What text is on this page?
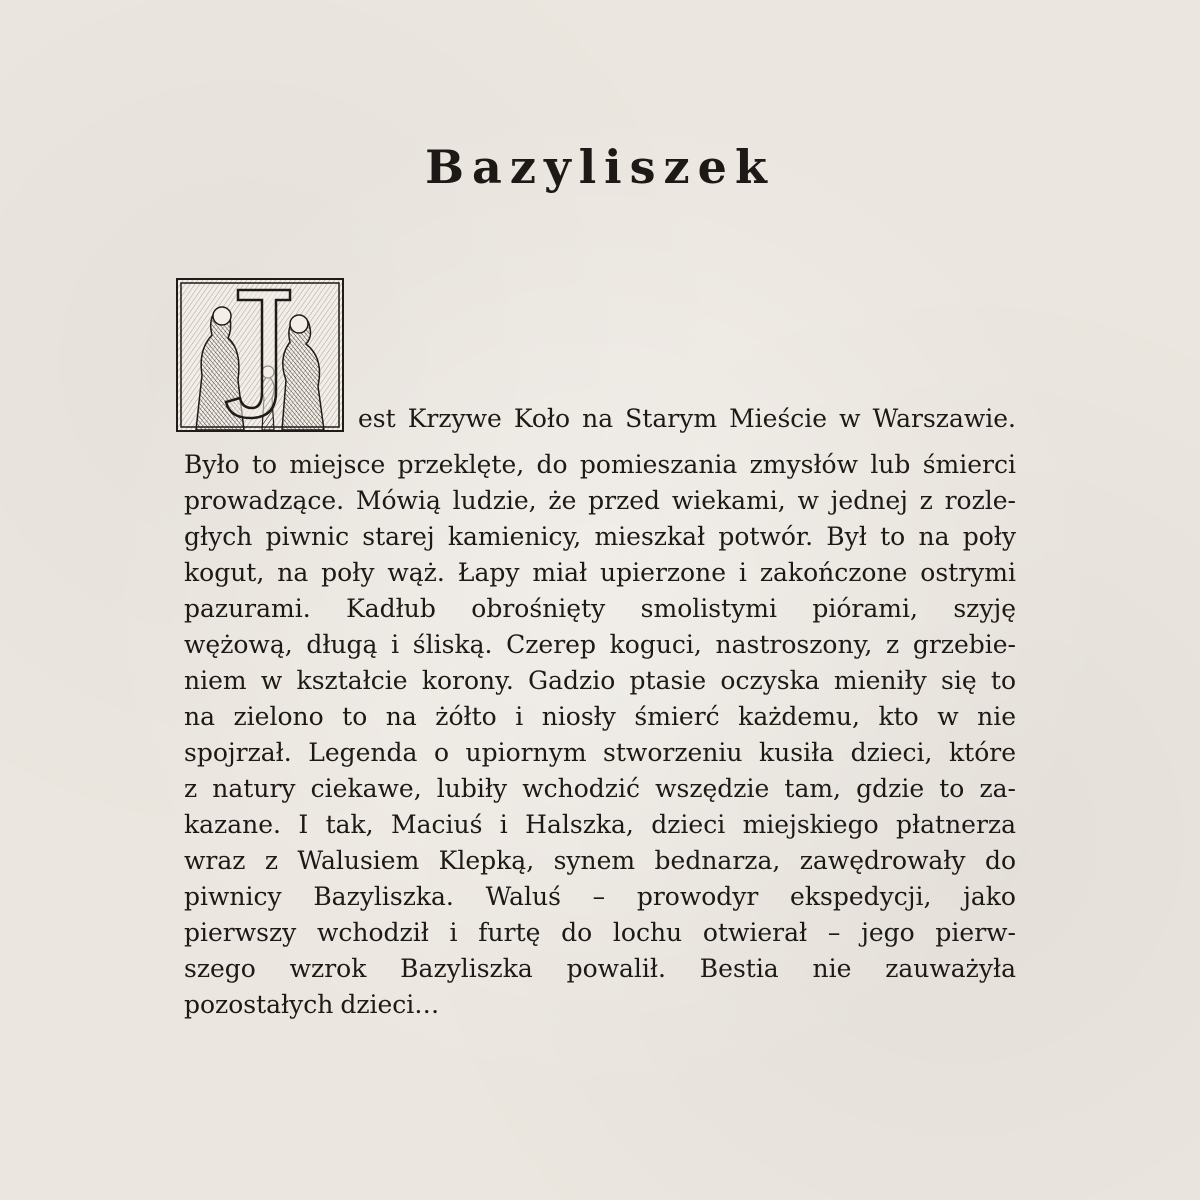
Bazyliszek
est Krzywe Koło na Starym Mieście w Warszawie.
Było to miejsce przeklęte, do pomieszania zmysłów lub śmierci
prowadzące. Mówią ludzie, że przed wiekami, w jednej z rozle-
głych piwnic starej kamienicy, mieszkał potwór. Był to na poły
kogut, na poły wąż. Łapy miał upierzone i zakończone ostrymi
pazurami. Kadłub obrośnięty smolistymi piórami, szyję
wężową, długą i śliską. Czerep koguci, nastroszony, z grzebie-
niem w kształcie korony. Gadzio ptasie oczyska mieniły się to
na zielono to na żółto i niosły śmierć każdemu, kto w nie
spojrzał. Legenda o upiornym stworzeniu kusiła dzieci, które
z natury ciekawe, lubiły wchodzić wszędzie tam, gdzie to za-
kazane. I tak, Maciuś i Halszka, dzieci miejskiego płatnerza
wraz z Walusiem Klepką, synem bednarza, zawędrowały do
piwnicy Bazyliszka. Waluś – prowodyr ekspedycji, jako
pierwszy wchodził i furtę do lochu otwierał – jego pierw-
szego wzrok Bazyliszka powalił. Bestia nie zauważyła
pozostałych dzieci…
